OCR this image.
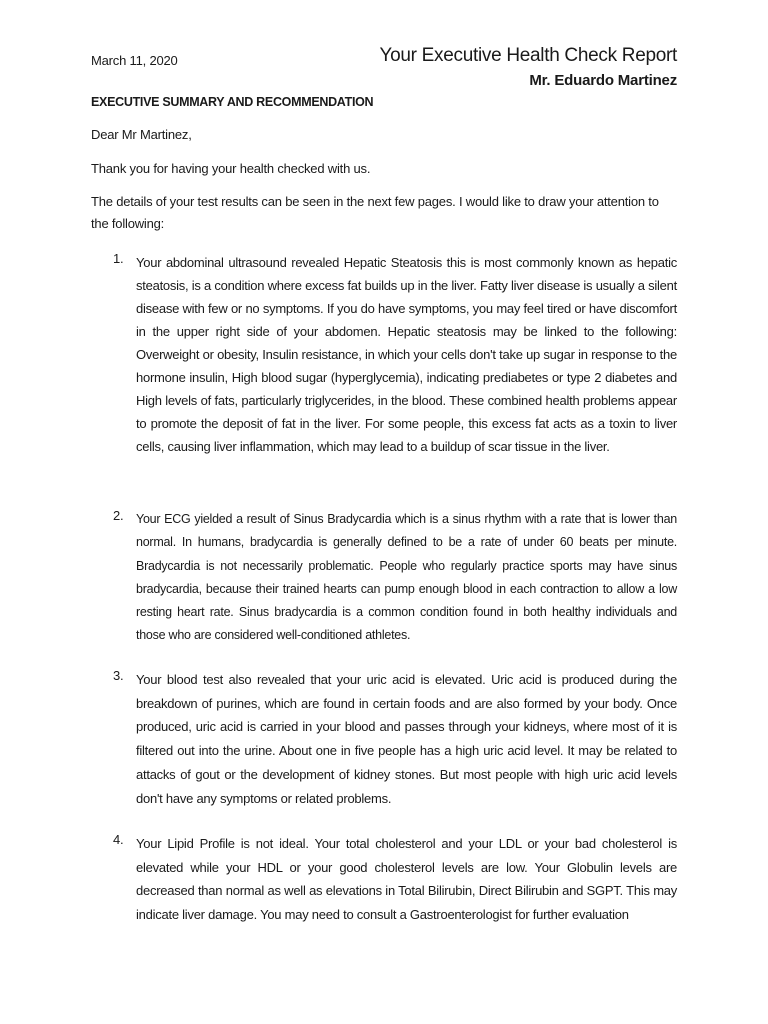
March 11, 2020	Your Executive Health Check Report
Mr. Eduardo Martinez
EXECUTIVE SUMMARY AND RECOMMENDATION
Dear Mr Martinez,
Thank you for having your health checked with us.

The details of your test results can be seen in the next few pages. I would like to draw your attention to the following:

1. Your abdominal ultrasound revealed Hepatic Steatosis this is most commonly known as hepatic steatosis, is a condition where excess fat builds up in the liver. Fatty liver disease is usually a silent disease with few or no symptoms. If you do have symptoms, you may feel tired or have discomfort in the upper right side of your abdomen. Hepatic steatosis may be linked to the following: Overweight or obesity, Insulin resistance, in which your cells don't take up sugar in response to the hormone insulin, High blood sugar (hyperglycemia), indicating prediabetes or type 2 diabetes and High levels of fats, particularly triglycerides, in the blood. These combined health problems appear to promote the deposit of fat in the liver. For some people, this excess fat acts as a toxin to liver cells, causing liver inflammation, which may lead to a buildup of scar tissue in the liver.

2. Your ECG yielded a result of Sinus Bradycardia which is a sinus rhythm with a rate that is lower than normal. In humans, bradycardia is generally defined to be a rate of under 60 beats per minute. Bradycardia is not necessarily problematic. People who regularly practice sports may have sinus bradycardia, because their trained hearts can pump enough blood in each contraction to allow a low resting heart rate. Sinus bradycardia is a common condition found in both healthy individuals and those who are considered well-conditioned athletes.

3. Your blood test also revealed that your uric acid is elevated. Uric acid is produced during the breakdown of purines, which are found in certain foods and are also formed by your body. Once produced, uric acid is carried in your blood and passes through your kidneys, where most of it is filtered out into the urine. About one in five people has a high uric acid level. It may be related to attacks of gout or the development of kidney stones. But most people with high uric acid levels don't have any symptoms or related problems.

4. Your Lipid Profile is not ideal. Your total cholesterol and your LDL or your bad cholesterol is elevated while your HDL or your good cholesterol levels are low. Your Globulin levels are decreased than normal as well as elevations in Total Bilirubin, Direct Bilirubin and SGPT. This may indicate liver damage. You may need to consult a Gastroenterologist for further evaluation
